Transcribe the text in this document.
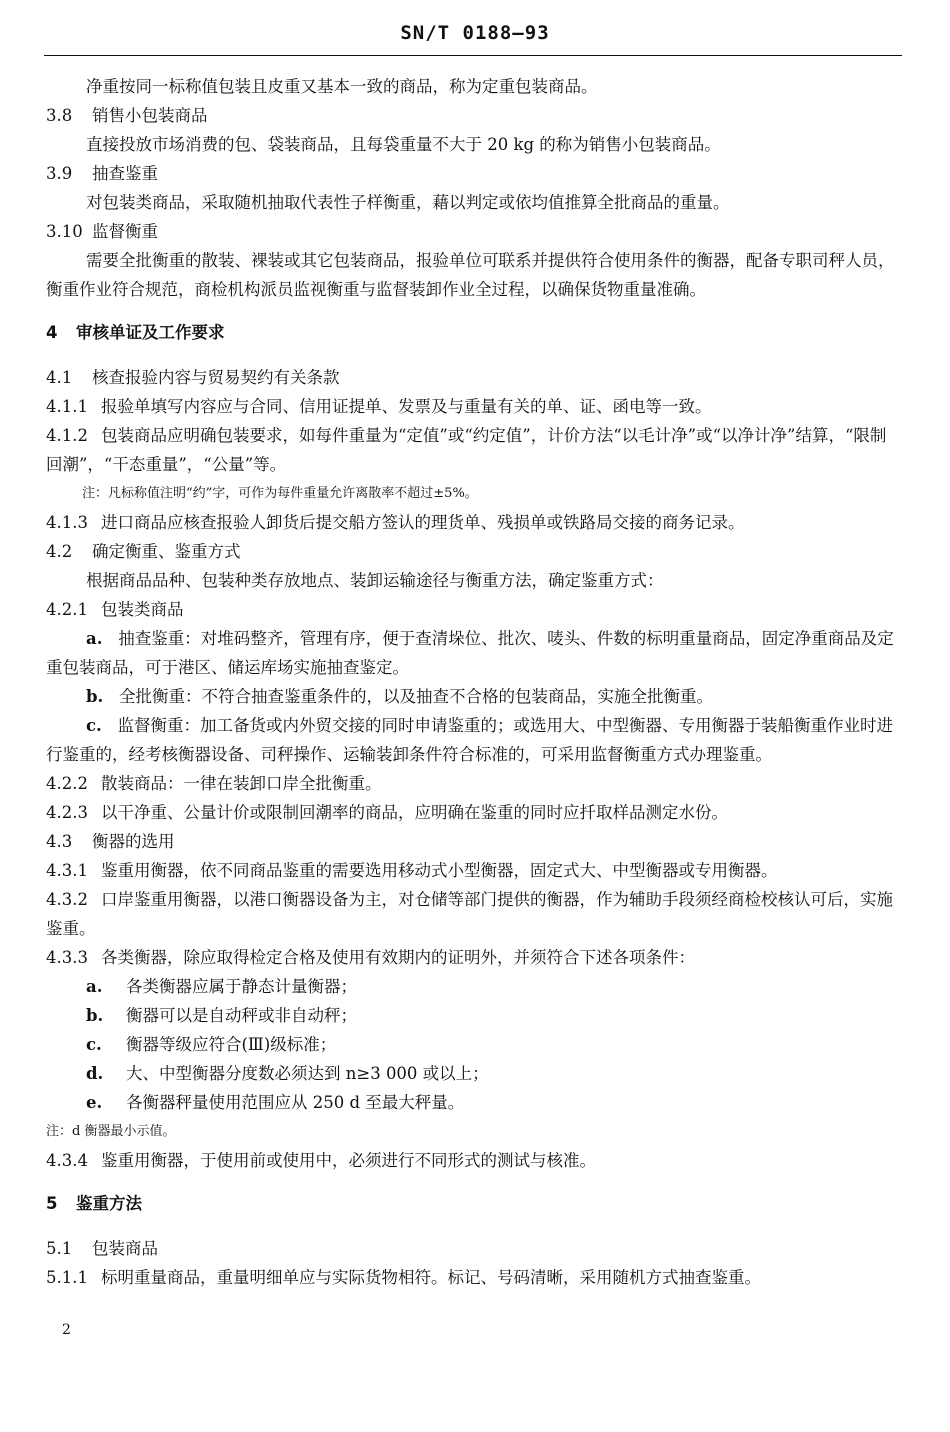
SN/T 0188—93

净重按同一标称值包装且皮重又基本一致的商品，称为定重包装商品。

3.8 销售小包装商品

直接投放市场消费的包、袋装商品，且每袋重量不大于 20 kg 的称为销售小包装商品。

3.9 抽查鉴重

对包装类商品，采取随机抽取代表性子样衡重，藉以判定或依均值推算全批商品的重量。

3.10 监督衡重

需要全批衡重的散装、裸装或其它包装商品，报验单位可联系并提供符合使用条件的衡器，配备专职司秤人员，衡重作业符合规范，商检机构派员监视衡重与监督装卸作业全过程，以确保货物重量准确。

4 审核单证及工作要求

4.1 核查报验内容与贸易契约有关条款

4.1.1 报验单填写内容应与合同、信用证提单、发票及与重量有关的单、证、函电等一致。

4.1.2 包装商品应明确包装要求，如每件重量为“定值”或“约定值”，计价方法“以毛计净”或“以净计净”结算，“限制回潮”，“干态重量”，“公量”等。

注：凡标称值注明“约”字，可作为每件重量允许离散率不超过±5%。

4.1.3 进口商品应核查报验人卸货后提交船方签认的理货单、残损单或铁路局交接的商务记录。

4.2 确定衡重、鉴重方式

根据商品品种、包装种类存放地点、装卸运输途径与衡重方法，确定鉴重方式：

4.2.1 包装类商品

a. 抽查鉴重：对堆码整齐，管理有序，便于查清垛位、批次、唛头、件数的标明重量商品，固定净重商品及定重包装商品，可于港区、储运库场实施抽查鉴定。

b. 全批衡重：不符合抽查鉴重条件的，以及抽查不合格的包装商品，实施全批衡重。

c. 监督衡重：加工备货或内外贸交接的同时申请鉴重的；或选用大、中型衡器、专用衡器于装船衡重作业时进行鉴重的，经考核衡器设备、司秤操作、运输装卸条件符合标准的，可采用监督衡重方式办理鉴重。

4.2.2 散装商品：一律在装卸口岸全批衡重。

4.2.3 以干净重、公量计价或限制回潮率的商品，应明确在鉴重的同时应扦取样品测定水份。

4.3 衡器的选用

4.3.1 鉴重用衡器，依不同商品鉴重的需要选用移动式小型衡器，固定式大、中型衡器或专用衡器。

4.3.2 口岸鉴重用衡器，以港口衡器设备为主，对仓储等部门提供的衡器，作为辅助手段须经商检校核认可后，实施鉴重。

4.3.3 各类衡器，除应取得检定合格及使用有效期内的证明外，并须符合下述各项条件：

a. 各类衡器应属于静态计量衡器；

b. 衡器可以是自动秤或非自动秤；

c. 衡器等级应符合(Ⅲ)级标准；

d. 大、中型衡器分度数必须达到 n≥3 000 或以上；

e. 各衡器秤量使用范围应从 250 d 至最大秤量。

注：d 衡器最小示值。

4.3.4 鉴重用衡器，于使用前或使用中，必须进行不同形式的测试与核准。

5 鉴重方法

5.1 包装商品

5.1.1 标明重量商品，重量明细单应与实际货物相符。标记、号码清晰，采用随机方式抽查鉴重。

2
